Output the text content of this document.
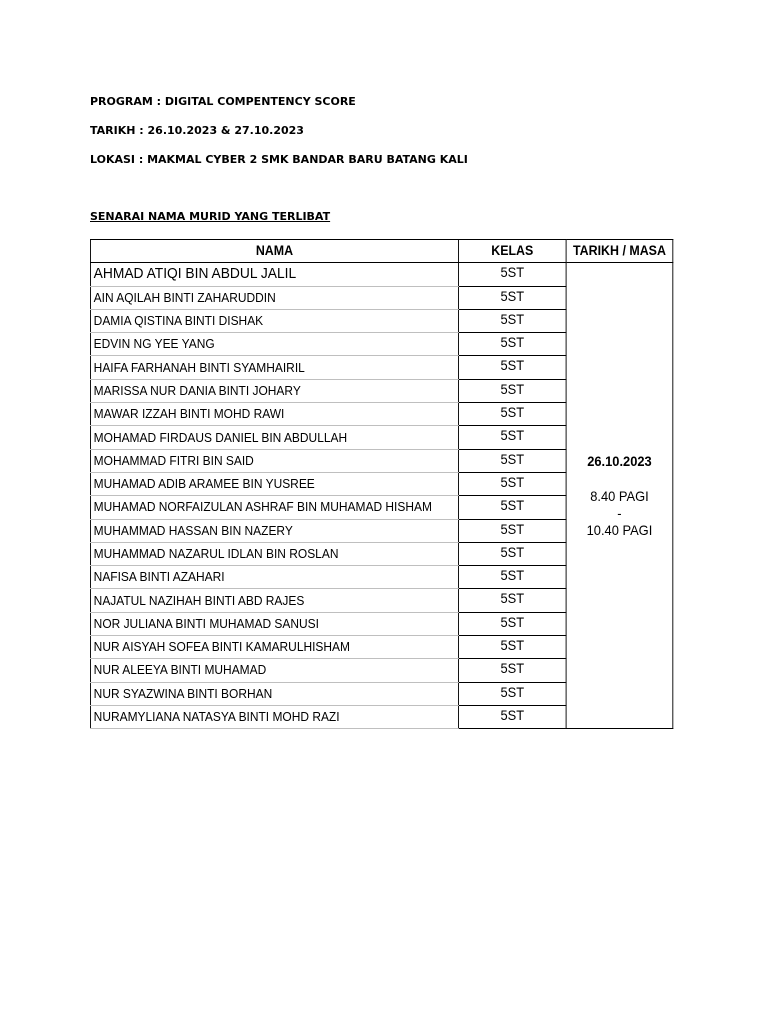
PROGRAM : DIGITAL COMPENTENCY SCORE
TARIKH : 26.10.2023 & 27.10.2023
LOKASI : MAKMAL CYBER 2 SMK BANDAR BARU BATANG KALI
SENARAI NAMA MURID YANG TERLIBAT
NAMA	KELAS	TARIKH / MASA
AHMAD ATIQI BIN ABDUL JALIL	5ST	26.10.2023
8.40 PAGI
-
10.40 PAGI

AIN AQILAH BINTI ZAHARUDDIN	5ST	
DAMIA QISTINA BINTI DISHAK	5ST	
EDVIN NG YEE YANG	5ST	
HAIFA FARHANAH BINTI SYAMHAIRIL	5ST	
MARISSA NUR DANIA BINTI JOHARY	5ST	
MAWAR IZZAH BINTI MOHD RAWI	5ST	
MOHAMAD FIRDAUS DANIEL BIN ABDULLAH	5ST	
MOHAMMAD FITRI BIN SAID	5ST	
MUHAMAD ADIB ARAMEE BIN YUSREE	5ST	
MUHAMAD NORFAIZULAN ASHRAF BIN MUHAMAD HISHAM	5ST	
MUHAMMAD HASSAN BIN NAZERY	5ST	
MUHAMMAD NAZARUL IDLAN BIN ROSLAN	5ST	
NAFISA BINTI AZAHARI	5ST	
NAJATUL NAZIHAH BINTI ABD RAJES	5ST	
NOR JULIANA BINTI MUHAMAD SANUSI	5ST	
NUR AISYAH SOFEA BINTI KAMARULHISHAM	5ST	
NUR ALEEYA BINTI MUHAMAD	5ST	
NUR SYAZWINA BINTI BORHAN	5ST	
NURAMYLIANA NATASYA BINTI MOHD RAZI	5ST	
